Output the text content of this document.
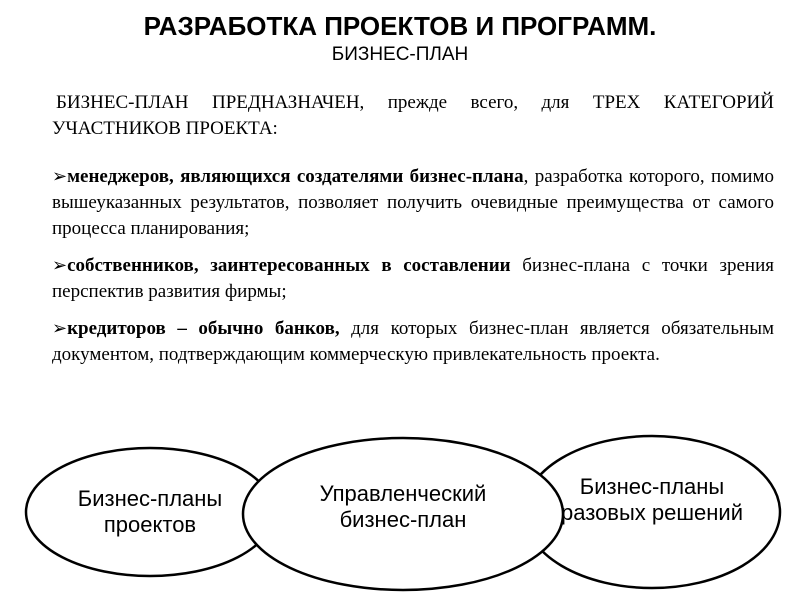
РАЗРАБОТКА ПРОЕКТОВ И ПРОГРАММ.
БИЗНЕС-ПЛАН

БИЗНЕС-ПЛАН ПРЕДНАЗНАЧЕН, прежде всего, для ТРЕХ КАТЕГОРИЙ УЧАСТНИКОВ ПРОЕКТА:

➢менеджеров, являющихся создателями бизнес-плана, разработка которого, помимо вышеуказанных результатов, позволяет получить очевидные преимущества от самого процесса планирования;

➢собственников, заинтересованных в составлении бизнес-плана с точки зрения перспектив развития фирмы;

➢кредиторов – обычно банков, для которых бизнес-план является обязательным документом, подтверждающим коммерческую привлекательность проекта.

Бизнес-планы проектов
Управленческий бизнес-план
Бизнес-планы разовых решений
